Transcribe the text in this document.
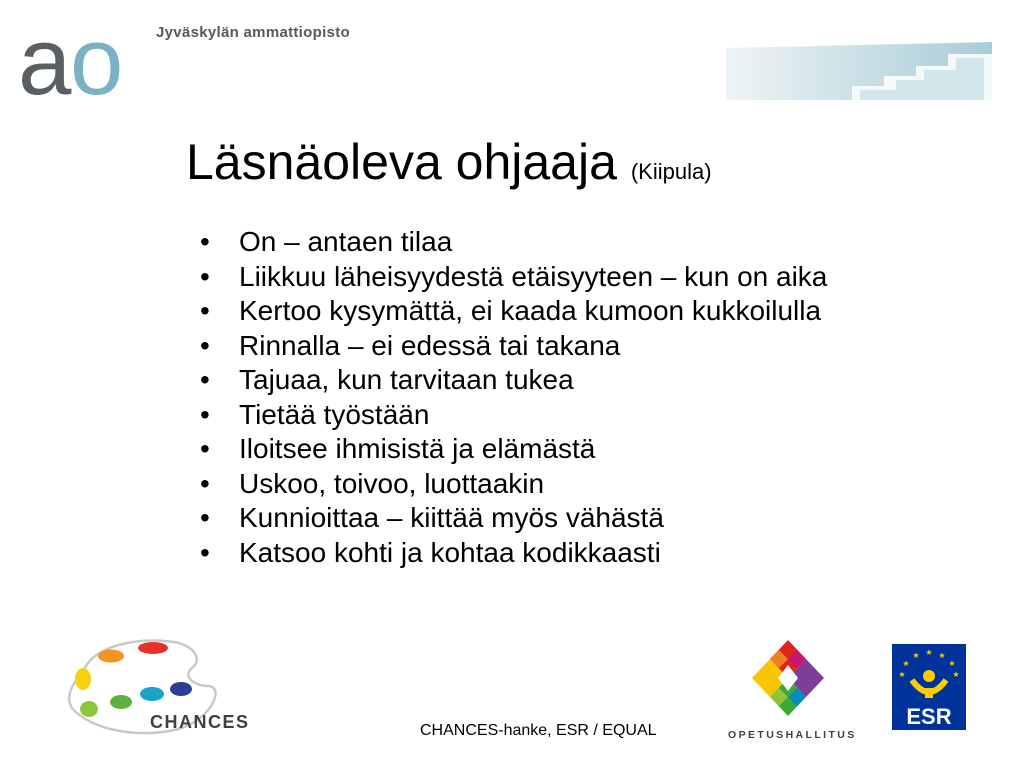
a
o Jyväskylän ammattiopisto
Läsnäoleva ohjaaja (Kiipula)
• On – antaen tilaa
• Liikkuu läheisyydestä etäisyyteen – kun on aika
• Kertoo kysymättä, ei kaada kumoon kukkoilulla
• Rinnalla – ei edessä tai takana
• Tajuaa, kun tarvitaan tukea
• Tietää työstään
• Iloitsee ihmisistä ja elämästä
• Uskoo, toivoo, luottaakin
• Kunnioittaa – kiittää myös vähästä
• Katsoo kohti ja kohtaa kodikkaasti
CHANCES	CHANCES-hanke, ESR / EQUAL	OPETUSHALLITUS
★ ★
★
★
★
★	★
ESR
